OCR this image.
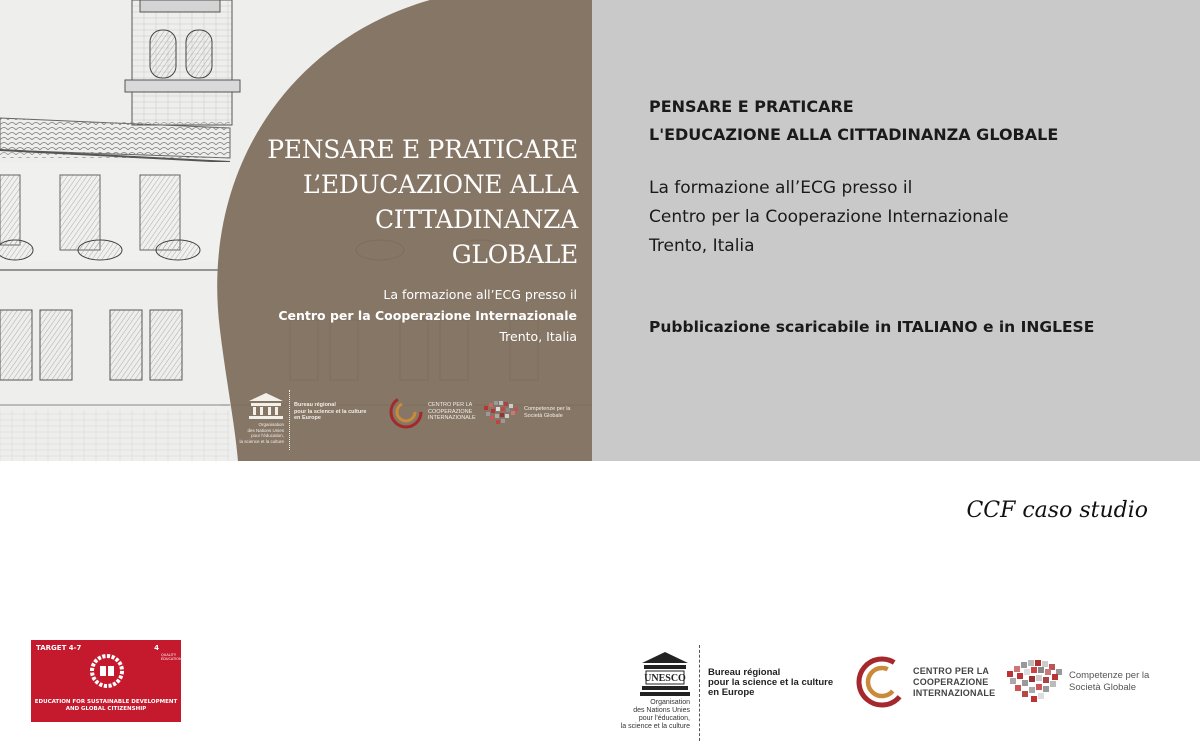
PENSARE E PRATICARE
L’EDUCAZIONE ALLA
CITTADINANZA GLOBALE
La formazione all’ECG presso il
Centro per la Cooperazione Internazionale
Trento, Italia
Organisation
des Nations Unies
pour l'éducation,
la science et la culture
Bureau régional
pour la science et la culture
en Europe
CENTRO PER LA
COOPERAZIONE
INTERNAZIONALE
Competenze per la
Società Globale
PENSARE E PRATICARE
L'EDUCAZIONE ALLA CITTADINANZA GLOBALE
La formazione all’ECG presso il
Centro per la Cooperazione Internazionale
Trento, Italia
Pubblicazione scaricabile in ITALIANO e in INGLESE
CCF caso studio
TARGET 4-7	4
QUALITY EDUCATION
EDUCATION FOR SUSTAINABLE DEVELOPMENT
AND GLOBAL CITIZENSHIP
UNESCO
Organisation
des Nations Unies
pour l'éducation,
la science et la culture
Bureau régional
pour la science et la culture
en Europe
CENTRO PER LA
COOPERAZIONE
INTERNAZIONALE
Competenze per la
Società Globale
